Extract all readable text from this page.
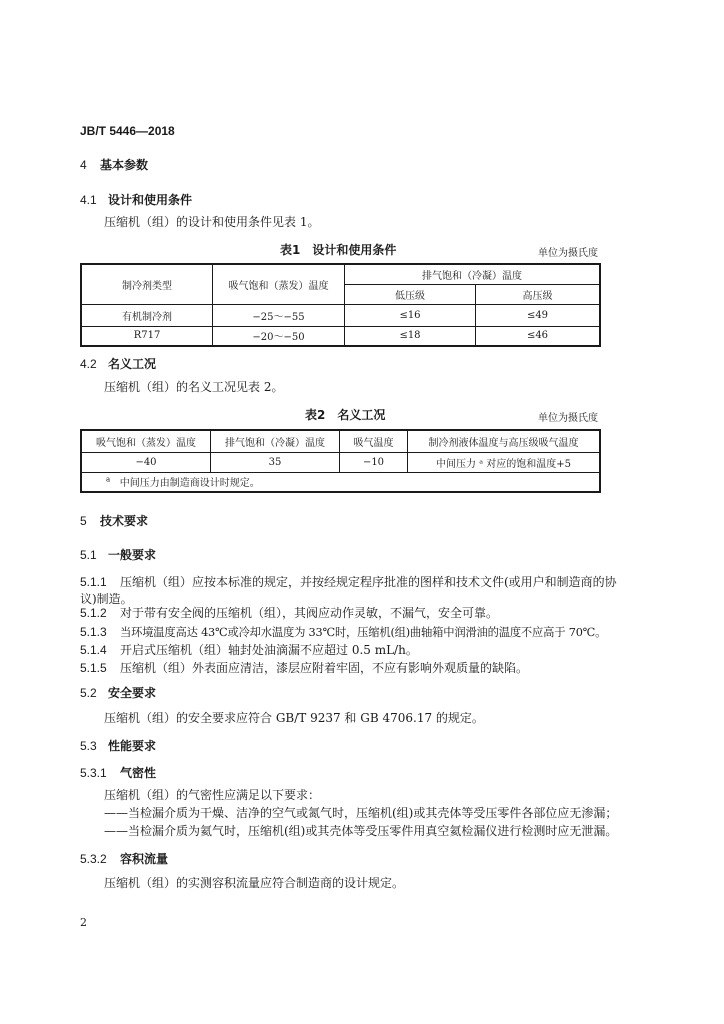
JB/T 5446—2018
4 基本参数
4.1 设计和使用条件
压缩机（组）的设计和使用条件见表 1。
表1　设计和使用条件	单位为摄氏度
制冷剂类型	吸气饱和（蒸发）温度	排气饱和（冷凝）温度	
		低压级	高压级
有机制冷剂	−25～−55	≤16	≤49
R717	−20～−50	≤18	≤46
4.2 名义工况
压缩机（组）的名义工况见表 2。
表2　名义工况	单位为摄氏度
吸气饱和（蒸发）温度	排气饱和（冷凝）温度	吸气温度	制冷剂液体温度与高压级吸气温度
−40	35	−10	中间压力 ᵃ 对应的饱和温度+5
$^a$ 中间压力由制造商设计时规定。			
5 技术要求
5.1 一般要求
5.1.1 压缩机（组）应按本标准的规定，并按经规定程序批准的图样和技术文件(或用户和制造商的协
议)制造。
5.1.2 对于带有安全阀的压缩机（组），其阀应动作灵敏，不漏气，安全可靠。
5.1.3 当环境温度高达 43℃或冷却水温度为 33℃时，压缩机(组)曲轴箱中润滑油的温度不应高于 70℃。
5.1.4 开启式压缩机（组）轴封处油滴漏不应超过 0.5 mL/h。
5.1.5 压缩机（组）外表面应清洁，漆层应附着牢固，不应有影响外观质量的缺陷。
5.2 安全要求
压缩机（组）的安全要求应符合 GB/T 9237 和 GB 4706.17 的规定。
5.3 性能要求
5.3.1 气密性
压缩机（组）的气密性应满足以下要求：
——当检漏介质为干燥、洁净的空气或氮气时，压缩机(组)或其壳体等受压零件各部位应无渗漏；
——当检漏介质为氦气时，压缩机(组)或其壳体等受压零件用真空氦检漏仪进行检测时应无泄漏。
5.3.2 容积流量
压缩机（组）的实测容积流量应符合制造商的设计规定。
2
